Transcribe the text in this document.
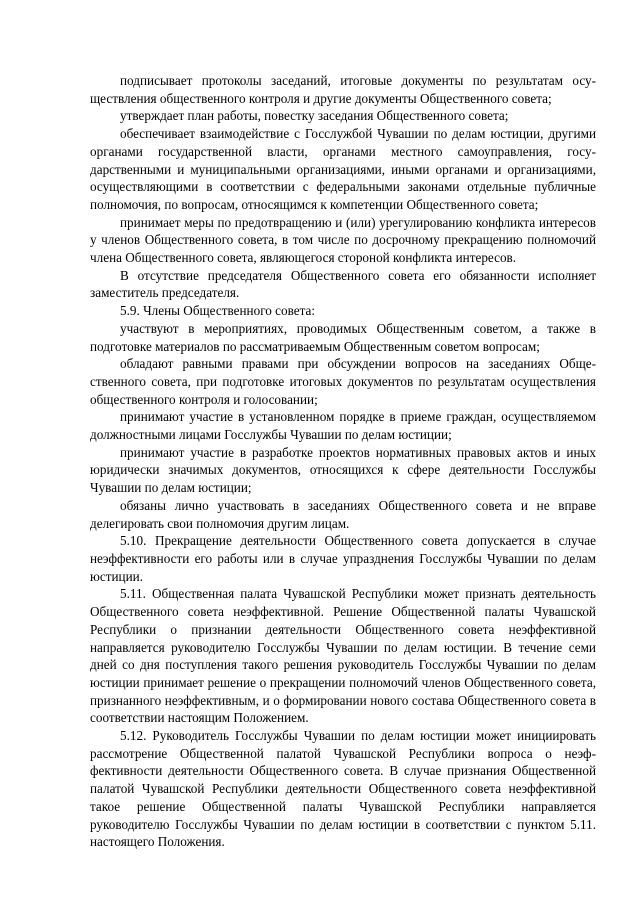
подписывает протоколы заседаний, итоговые документы по результатам осуществления общественного контроля и другие документы Общественного совета;

утверждает план работы, повестку заседания Общественного совета;

обеспечивает взаимодействие с Госслужбой Чувашии по делам юстиции, другими органами государственной власти, органами местного самоуправления, государственными и муниципальными организациями, иными органами и организациями, осуществляющими в соответствии с федеральными законами отдельные публичные полномочия, по вопросам, относящимся к компетенции Общественного совета;

принимает меры по предотвращению и (или) урегулированию конфликта интересов у членов Общественного совета, в том числе по досрочному прекращению полномочий члена Общественного совета, являющегося стороной конфликта интересов.

В отсутствие председателя Общественного совета его обязанности исполняет заместитель председателя.

5.9. Члены Общественного совета:

участвуют в мероприятиях, проводимых Общественным советом, а также в подготовке материалов по рассматриваемым Общественным советом вопросам;

обладают равными правами при обсуждении вопросов на заседаниях Общественного совета, при подготовке итоговых документов по результатам осуществления общественного контроля и голосовании;

принимают участие в установленном порядке в приеме граждан, осуществляемом должностными лицами Госслужбы Чувашии по делам юстиции;

принимают участие в разработке проектов нормативных правовых актов и иных юридически значимых документов, относящихся к сфере деятельности Госслужбы Чувашии по делам юстиции;

обязаны лично участвовать в заседаниях Общественного совета и не вправе делегировать свои полномочия другим лицам.

5.10. Прекращение деятельности Общественного совета допускается в случае неэффективности его работы или в случае упразднения Госслужбы Чувашии по делам юстиции.

5.11. Общественная палата Чувашской Республики может признать деятельность Общественного совета неэффективной. Решение Общественной палаты Чувашской Республики о признании деятельности Общественного совета неэффективной направляется руководителю Госслужбы Чувашии по делам юстиции. В течение семи дней со дня поступления такого решения руководитель Госслужбы Чувашии по делам юстиции принимает решение о прекращении полномочий членов Общественного совета, признанного неэффективным, и о формировании нового состава Общественного совета в соответствии настоящим Положением.

5.12. Руководитель Госслужбы Чувашии по делам юстиции может инициировать рассмотрение Общественной палатой Чувашской Республики вопроса о неэффективности деятельности Общественного совета. В случае признания Общественной палатой Чувашской Республики деятельности Общественного совета неэффективной такое решение Общественной палаты Чувашской Республики направляется руководителю Госслужбы Чувашии по делам юстиции в соответствии с пунктом 5.11. настоящего Положения.
